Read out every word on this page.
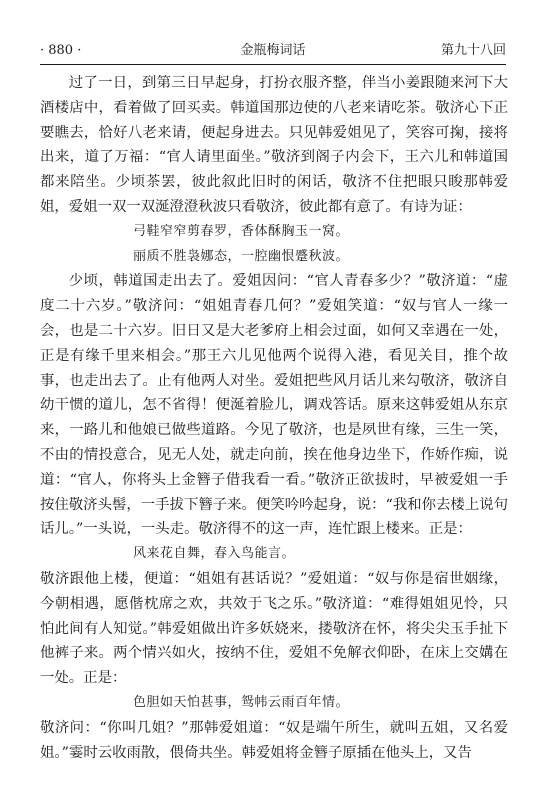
· 880 ·	金瓶梅词话	第九十八回

过了一日，到第三日早起身，打扮衣服齐整，伴当小姜跟随来河下大酒楼店中，看着做了回买卖。韩道国那边使的八老来请吃茶。敬济心下正要瞧去，恰好八老来请，便起身进去。只见韩爱姐见了，笑容可掬，接将出来，道了万福：“官人请里面坐。”敬济到阁子内会下，王六儿和韩道国都来陪坐。少顷茶罢，彼此叙此旧时的闲话，敬济不住把眼只睃那韩爱姐，爱姐一双一双涎澄澄秋波只看敬济，彼此都有意了。有诗为证：

弓鞋窄窄剪春罗，香体酥胸玉一窝。

丽质不胜袅娜态，一腔幽恨蹙秋波。

少顷，韩道国走出去了。爱姐因问：“官人青春多少？”敬济道：“虚度二十六岁。”敬济问：“姐姐青春几何？”爱姐笑道：“奴与官人一缘一会，也是二十六岁。旧日又是大老爹府上相会过面，如何又幸遇在一处，正是有缘千里来相会。”那王六儿见他两个说得入港，看见关目，推个故事，也走出去了。止有他两人对坐。爱姐把些风月话儿来勾敬济，敬济自幼干惯的道儿，怎不省得！便涎着脸儿，调戏答话。原来这韩爱姐从东京来，一路儿和他娘已做些道路。今见了敬济，也是夙世有缘，三生一笑，不由的情投意合，见无人处，就走向前，挨在他身边坐下，作娇作痴，说道：“官人，你将头上金簪子借我看一看。”敬济正欲拔时，早被爱姐一手按住敬济头髻，一手拔下簪子来。便笑吟吟起身，说：“我和你去楼上说句话儿。”一头说，一头走。敬济得不的这一声，连忙跟上楼来。正是：

风来花自舞，春入鸟能言。

敬济跟他上楼，便道：“姐姐有甚话说？”爱姐道：“奴与你是宿世姻缘，今朝相遇，愿偕枕席之欢，共效于飞之乐。”敬济道：“难得姐姐见怜，只怕此间有人知觉。”韩爱姐做出许多妖娆来，搂敬济在怀，将尖尖玉手扯下他裤子来。两个情兴如火，按纳不住，爱姐不免解衣仰卧，在床上交媾在一处。正是：

色胆如天怕甚事，鸳帏云雨百年情。

敬济问：“你叫几姐？”那韩爱姐道：“奴是端午所生，就叫五姐，又名爱姐。”霎时云收雨散，偎倚共坐。韩爱姐将金簪子原插在他头上，又告
